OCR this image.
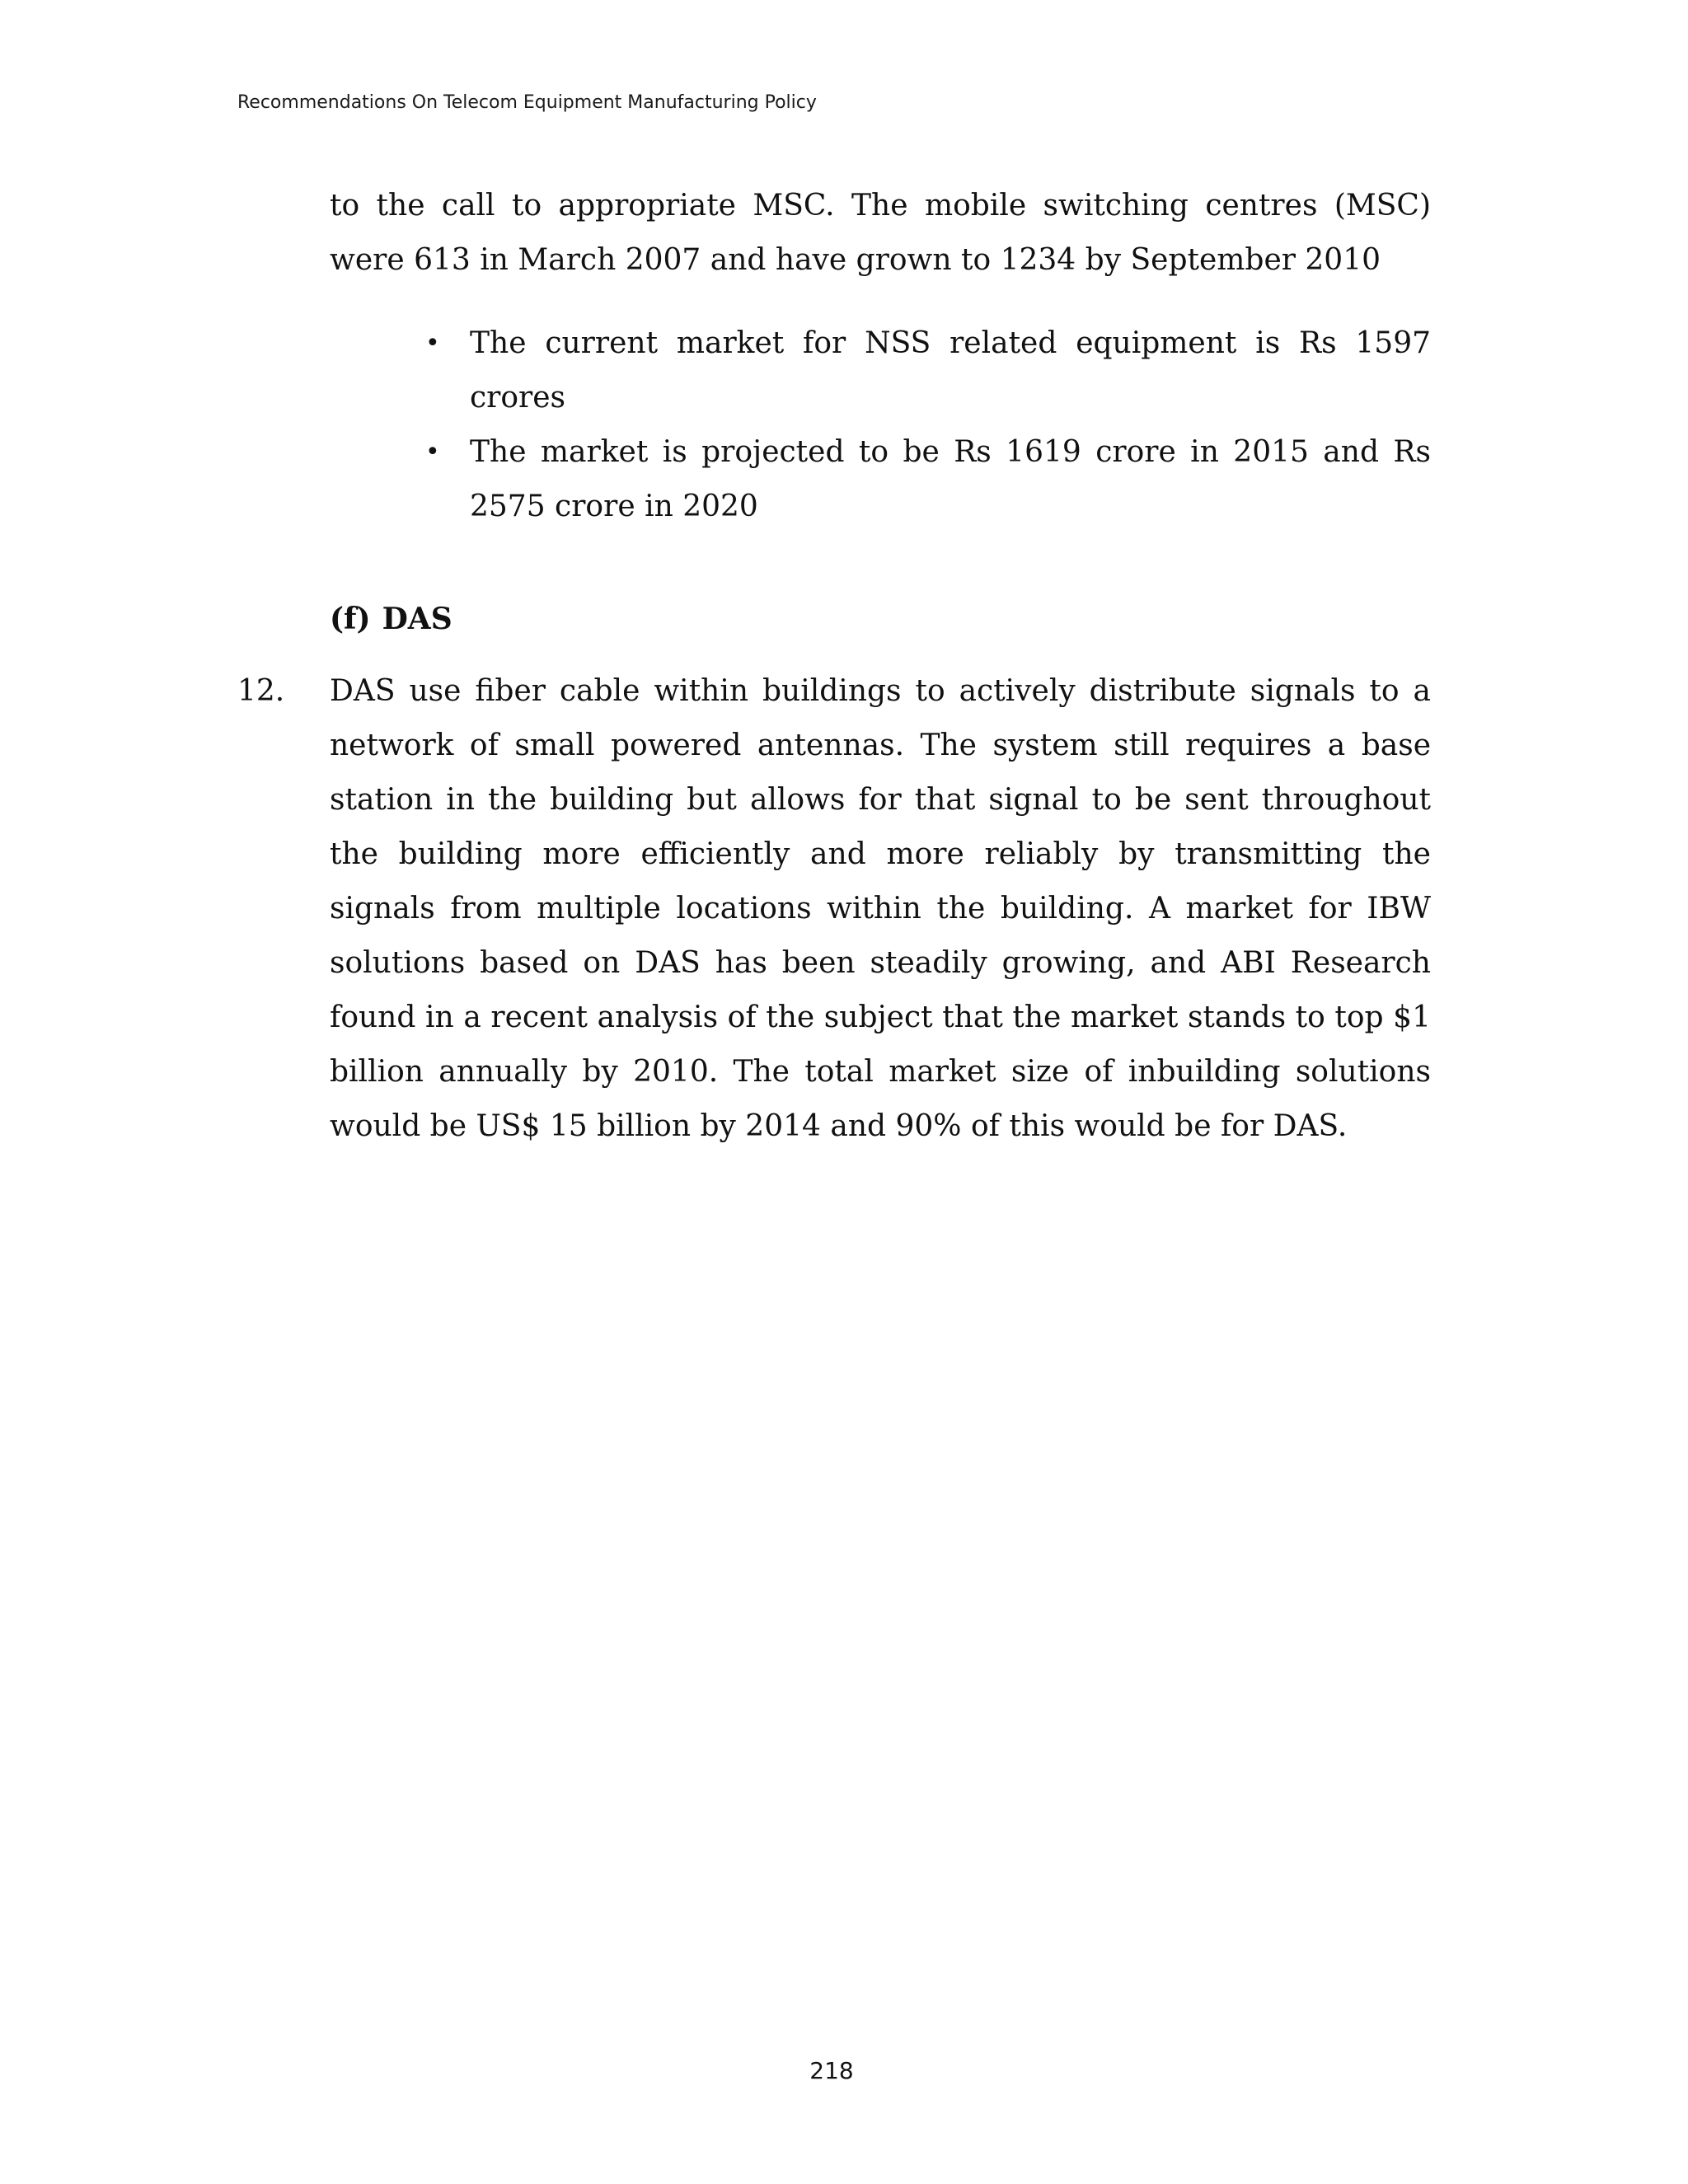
Recommendations On Telecom Equipment Manufacturing Policy

to the call to appropriate MSC. The mobile switching centres (MSC) were 613 in March 2007 and have grown to 1234 by September 2010

• The current market for NSS related equipment is Rs 1597 crores
• The market is projected to be Rs 1619 crore in 2015 and Rs 2575 crore in 2020
(f) DAS
12. DAS use fiber cable within buildings to actively distribute signals to a network of small powered antennas. The system still requires a base station in the building but allows for that signal to be sent throughout the building more efficiently and more reliably by transmitting the signals from multiple locations within the building. A market for IBW solutions based on DAS has been steadily growing, and ABI Research found in a recent analysis of the subject that the market stands to top $1 billion annually by 2010. The total market size of inbuilding solutions would be US$ 15 billion by 2014 and 90% of this would be for DAS.

218
